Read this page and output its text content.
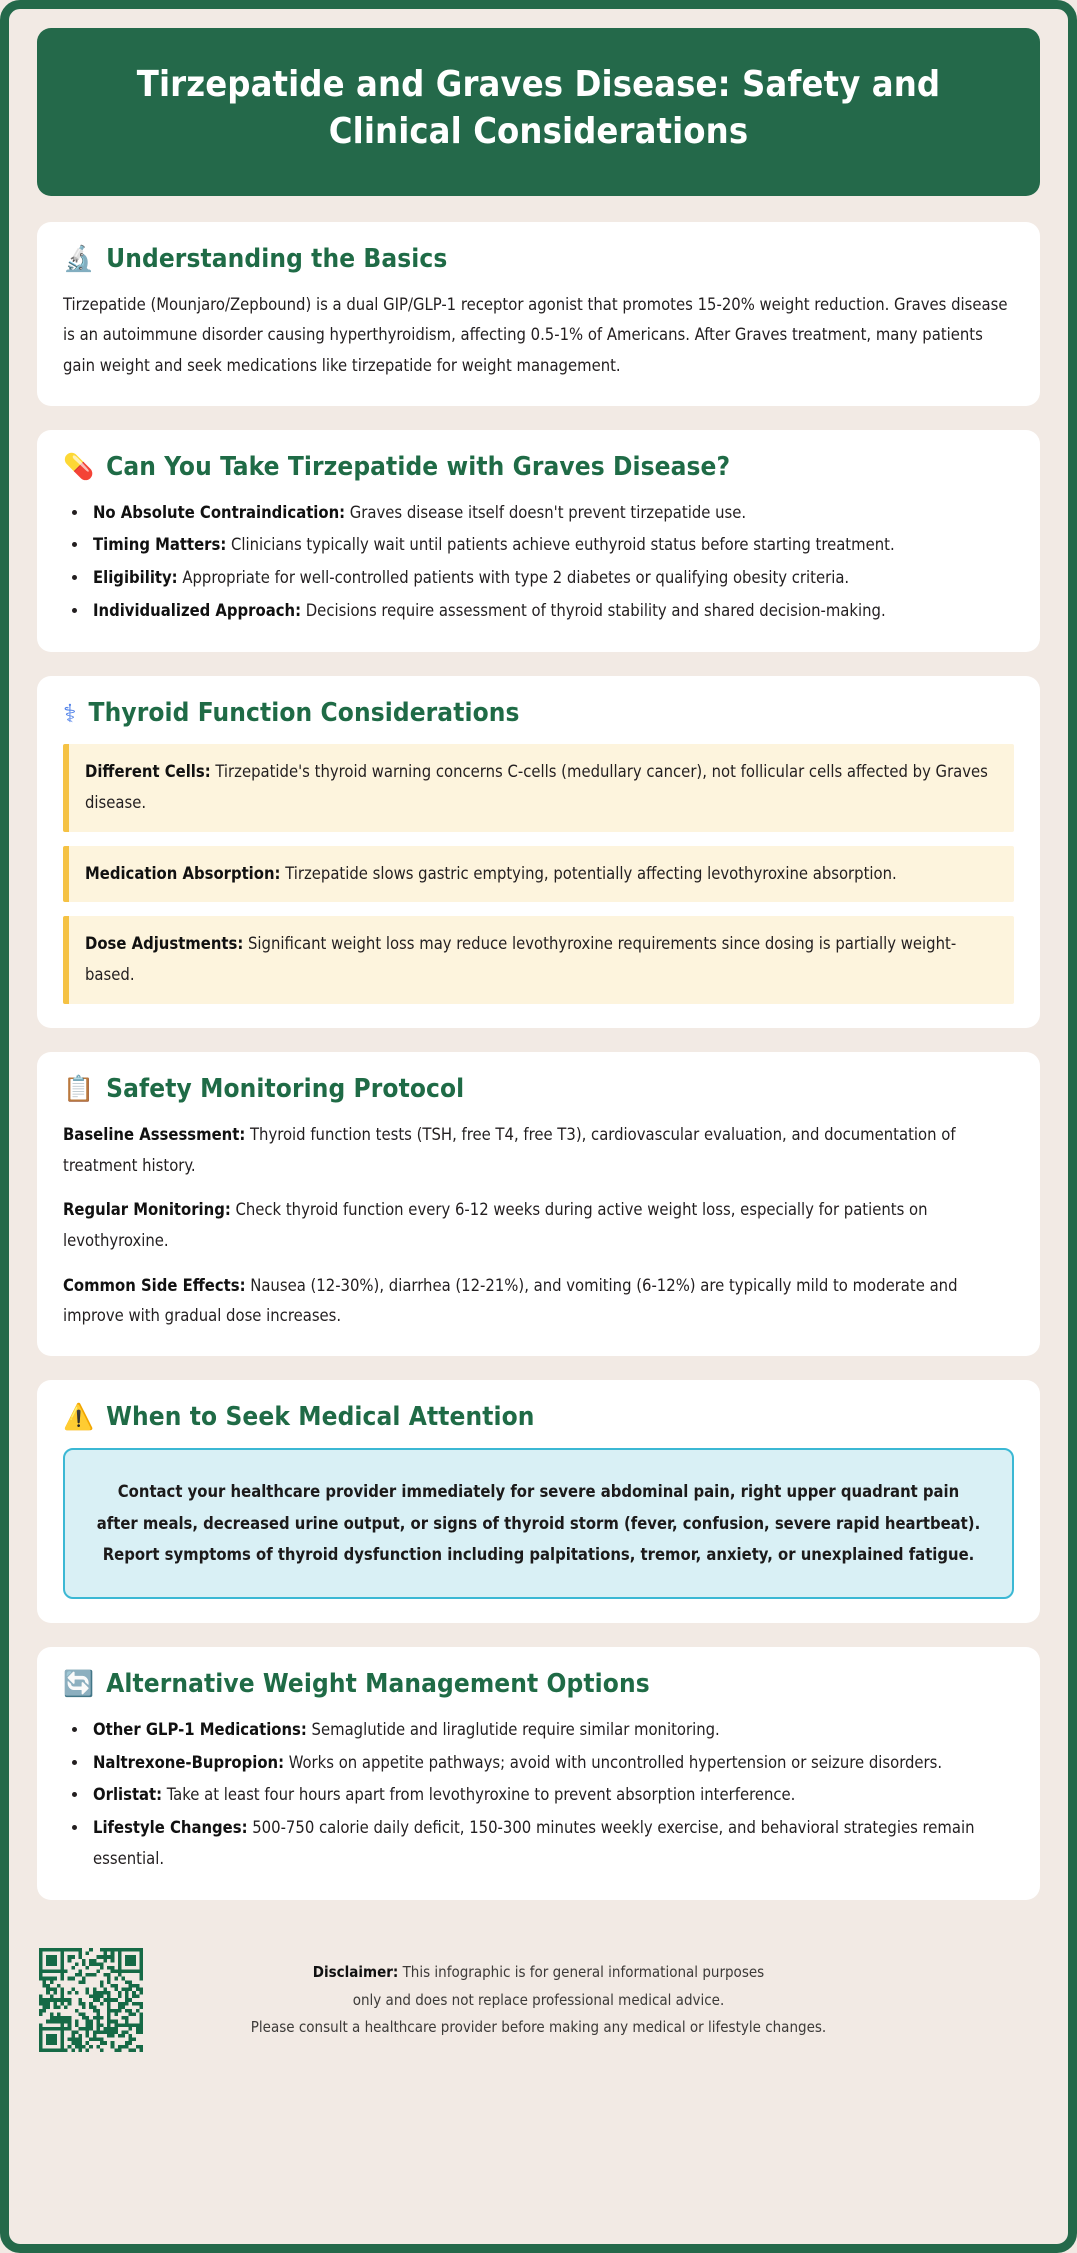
Tirzepatide and Graves Disease: Safety and Clinical Considerations
🔬 Understanding the Basics

Tirzepatide (Mounjaro/Zepbound) is a dual GIP/GLP-1 receptor agonist that promotes 15-20% weight reduction. Graves disease is an autoimmune disorder causing hyperthyroidism, affecting 0.5-1% of Americans. After Graves treatment, many patients gain weight and seek medications like tirzepatide for weight management.

💊 Can You Take Tirzepatide with Graves Disease?
• No Absolute Contraindication: Graves disease itself doesn't prevent tirzepatide use.
• Timing Matters: Clinicians typically wait until patients achieve euthyroid status before starting treatment.
• Eligibility: Appropriate for well-controlled patients with type 2 diabetes or qualifying obesity criteria.
• Individualized Approach: Decisions require assessment of thyroid stability and shared decision-making.
⚕ Thyroid Function Considerations
Different Cells: Tirzepatide's thyroid warning concerns C-cells (medullary cancer), not follicular cells affected by Graves disease.
Medication Absorption: Tirzepatide slows gastric emptying, potentially affecting levothyroxine absorption.
Dose Adjustments: Significant weight loss may reduce levothyroxine requirements since dosing is partially weight-based.
📋 Safety Monitoring Protocol

Baseline Assessment: Thyroid function tests (TSH, free T4, free T3), cardiovascular evaluation, and documentation of treatment history.

Regular Monitoring: Check thyroid function every 6-12 weeks during active weight loss, especially for patients on levothyroxine.

Common Side Effects: Nausea (12-30%), diarrhea (12-21%), and vomiting (6-12%) are typically mild to moderate and improve with gradual dose increases.

⚠️ When to Seek Medical Attention

Contact your healthcare provider immediately for severe abdominal pain, right upper quadrant pain after meals, decreased urine output, or signs of thyroid storm (fever, confusion, severe rapid heartbeat). Report symptoms of thyroid dysfunction including palpitations, tremor, anxiety, or unexplained fatigue.

🔄 Alternative Weight Management Options
• Other GLP-1 Medications: Semaglutide and liraglutide require similar monitoring.
• Naltrexone-Bupropion: Works on appetite pathways; avoid with uncontrolled hypertension or seizure disorders.
• Orlistat: Take at least four hours apart from levothyroxine to prevent absorption interference.
• Lifestyle Changes: 500-750 calorie daily deficit, 150-300 minutes weekly exercise, and behavioral strategies remain essential.
Disclaimer: This infographic is for general informational purposes
only and does not replace professional medical advice.
Please consult a healthcare provider before making any medical or lifestyle changes.
